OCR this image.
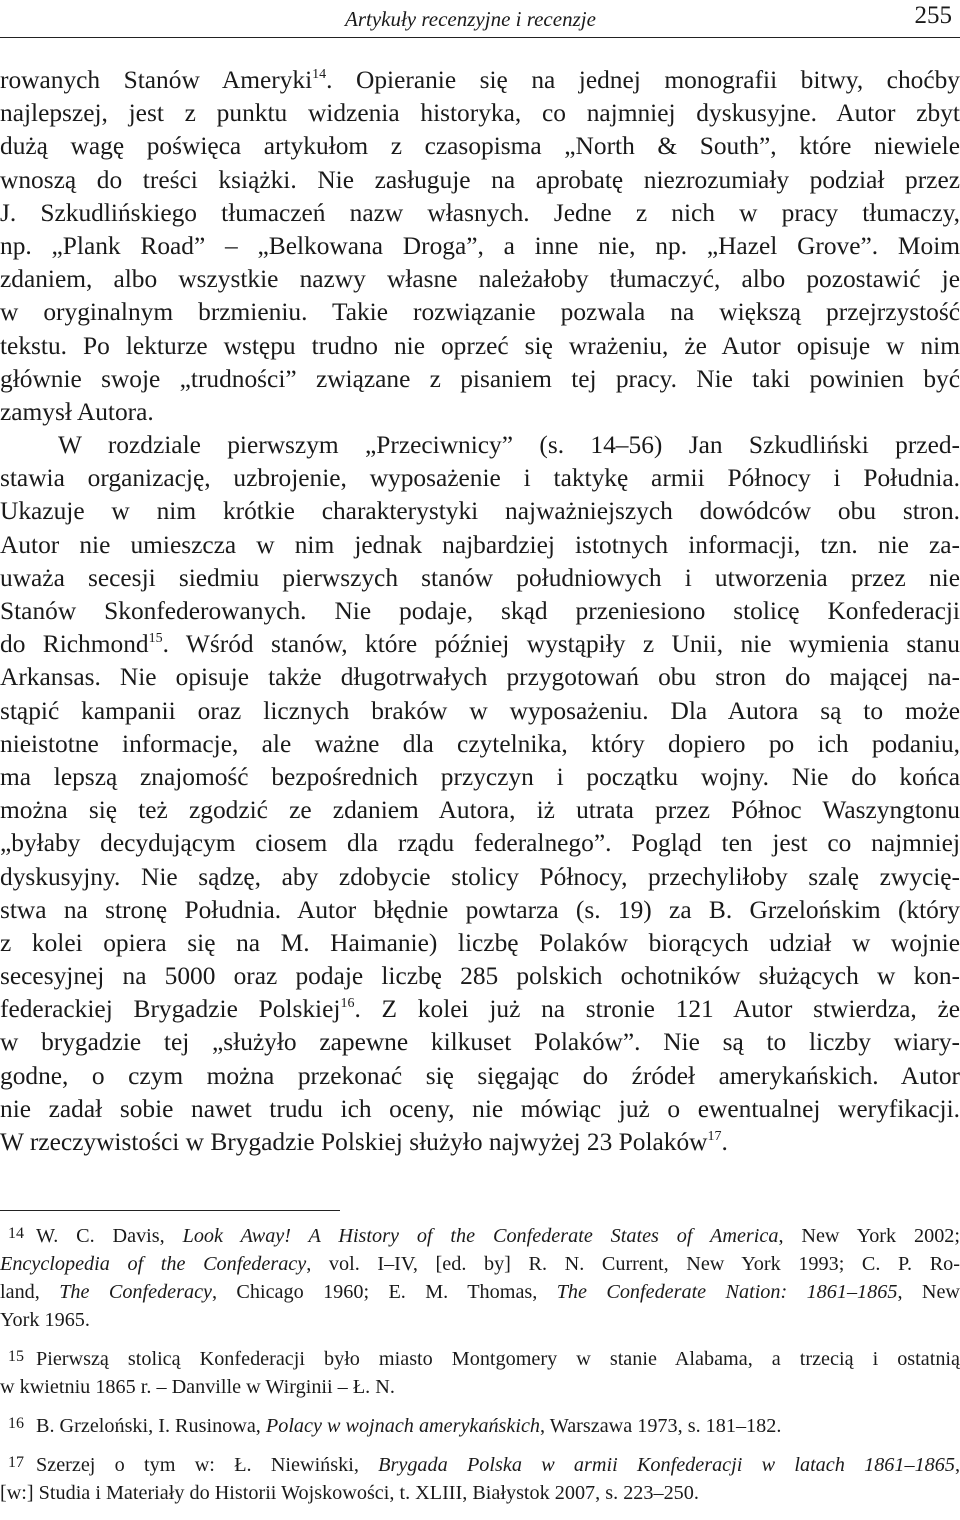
Artykuły recenzyjne i recenzje	255
rowanych Stanów Ameryki$^{14}$. Opieranie się na jednej monografii bitwy, choćby
najlepszej, jest z punktu widzenia historyka, co najmniej dyskusyjne. Autor zbyt
dużą wagę poświęca artykułom z czasopisma „North & South”, które niewiele
wnoszą do treści książki. Nie zasługuje na aprobatę niezrozumiały podział przez
J. Szkudlińskiego tłumaczeń nazw własnych. Jedne z nich w pracy tłumaczy,
np. „Plank Road” – „Belkowana Droga”, a inne nie, np. „Hazel Grove”. Moim
zdaniem, albo wszystkie nazwy własne należałoby tłumaczyć, albo pozostawić je
w oryginalnym brzmieniu. Takie rozwiązanie pozwala na większą przejrzystość
tekstu. Po lekturze wstępu trudno nie oprzeć się wrażeniu, że Autor opisuje w nim
głównie swoje „trudności” związane z pisaniem tej pracy. Nie taki powinien być
zamysł Autora.
W rozdziale pierwszym „Przeciwnicy” (s. 14–56) Jan Szkudliński przed-
stawia organizację, uzbrojenie, wyposażenie i taktykę armii Północy i Południa.
Ukazuje w nim krótkie charakterystyki najważniejszych dowódców obu stron.
Autor nie umieszcza w nim jednak najbardziej istotnych informacji, tzn. nie za-
uważa secesji siedmiu pierwszych stanów południowych i utworzenia przez nie
Stanów Skonfederowanych. Nie podaje, skąd przeniesiono stolicę Konfederacji
do Richmond$^{15}$. Wśród stanów, które później wystąpiły z Unii, nie wymienia stanu
Arkansas. Nie opisuje także długotrwałych przygotowań obu stron do mającej na-
stąpić kampanii oraz licznych braków w wyposażeniu. Dla Autora są to może
nieistotne informacje, ale ważne dla czytelnika, który dopiero po ich podaniu,
ma lepszą znajomość bezpośrednich przyczyn i początku wojny. Nie do końca
można się też zgodzić ze zdaniem Autora, iż utrata przez Północ Waszyngtonu
„byłaby decydującym ciosem dla rządu federalnego”. Pogląd ten jest co najmniej
dyskusyjny. Nie sądzę, aby zdobycie stolicy Północy, przechyliłoby szalę zwycię-
stwa na stronę Południa. Autor błędnie powtarza (s. 19) za B. Grzelońskim (który
z kolei opiera się na M. Haimanie) liczbę Polaków biorących udział w wojnie
secesyjnej na 5000 oraz podaje liczbę 285 polskich ochotników służących w kon-
federackiej Brygadzie Polskiej$^{16}$. Z kolei już na stronie 121 Autor stwierdza, że
w brygadzie tej „służyło zapewne kilkuset Polaków”. Nie są to liczby wiary-
godne, o czym można przekonać się sięgając do źródeł amerykańskich. Autor
nie zadał sobie nawet trudu ich oceny, nie mówiąc już o ewentualnej weryfikacji.
W rzeczywistości w Brygadzie Polskiej służyło najwyżej 23 Polaków$^{17}$.
14 W. C. Davis, Look Away! A History of the Confederate States of America, New York 2002;
Encyclopedia of the Confederacy, vol. I–IV, [ed. by] R. N. Current, New York 1993; C. P. Ro-
land, The Confederacy, Chicago 1960; E. M. Thomas, The Confederate Nation: 1861–1865, New
York 1965.
15 Pierwszą stolicą Konfederacji było miasto Montgomery w stanie Alabama, a trzecią i ostatnią
w kwietniu 1865 r. – Danville w Wirginii – Ł. N.
16 B. Grzeloński, I. Rusinowa, Polacy w wojnach amerykańskich, Warszawa 1973, s. 181–182.
17 Szerzej o tym w: Ł. Niewiński, Brygada Polska w armii Konfederacji w latach 1861–1865,
[w:] Studia i Materiały do Historii Wojskowości, t. XLIII, Białystok 2007, s. 223–250.
